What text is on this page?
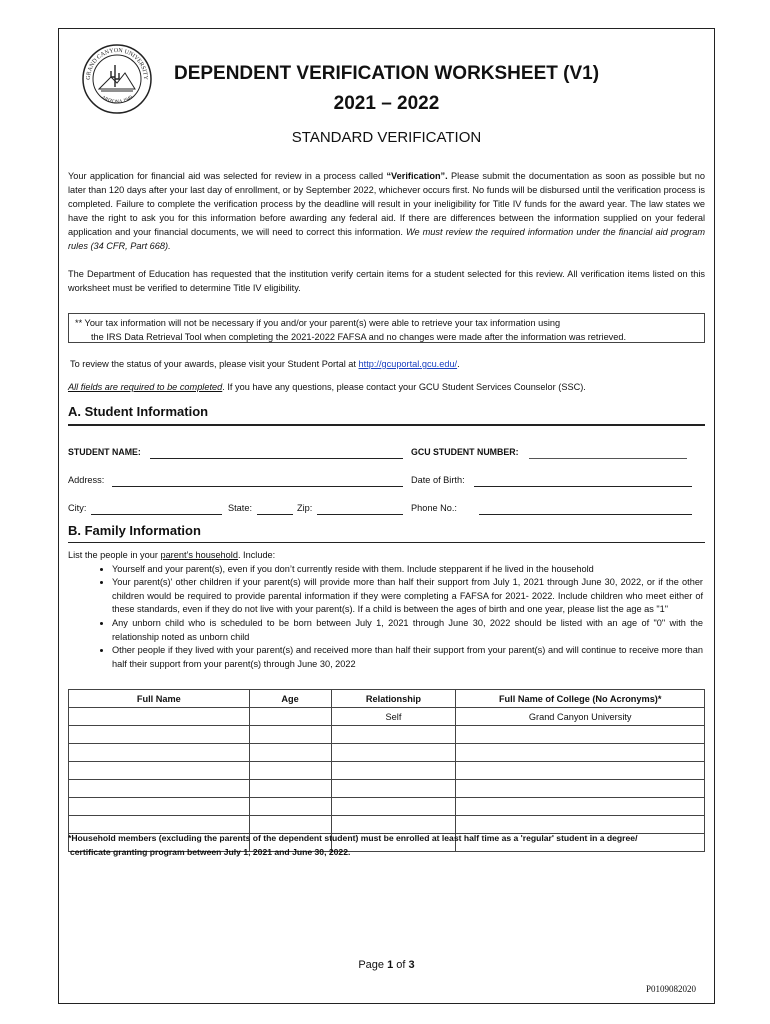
GRAND CANYON UNIVERSITY
ARIZONA 1949
DEPENDENT VERIFICATION WORKSHEET (V1)
2021 – 2022
STANDARD VERIFICATION
Your application for financial aid was selected for review in a process called “Verification”. Please submit the documentation as soon as possible but no later than 120 days after your last day of enrollment, or by September 2022, whichever occurs first. No funds will be disbursed until the verification process is completed. Failure to complete the verification process by the deadline will result in your ineligibility for Title IV funds for the award year. The law states we have the right to ask you for this information before awarding any federal aid. If there are differences between the information supplied on your federal application and your financial documents, we will need to correct this information. We must review the required information under the financial aid program rules (34 CFR, Part 668).
The Department of Education has requested that the institution verify certain items for a student selected for this review. All verification items listed on this worksheet must be verified to determine Title IV eligibility.
** Your tax information will not be necessary if you and/or your parent(s) were able to retrieve your tax information using
the IRS Data Retrieval Tool when completing the 2021-2022 FAFSA and no changes were made after the information was retrieved.
To review the status of your awards, please visit your Student Portal at http://gcuportal.gcu.edu/.
All fields are required to be completed. If you have any questions, please contact your GCU Student Services Counselor (SSC).
A. Student Information
STUDENT NAME:	GCU STUDENT NUMBER:
Address:	Date of Birth:
City:	State:	Zip:	Phone No.:
B. Family Information
List the people in your parent’s household. Include:
• Yourself and your parent(s), even if you don’t currently reside with them. Include stepparent if he lived in the household
• Your parent(s)' other children if your parent(s) will provide more than half their support from July 1, 2021 through June 30, 2022, or if the other children would be required to provide parental information if they were completing a FAFSA for 2021- 2022. Include children who meet either of these standards, even if they do not live with your parent(s). If a child is between the ages of birth and one year, please list the age as "1"
• Any unborn child who is scheduled to be born between July 1, 2021 through June 30, 2022 should be listed with an age of "0" with the relationship noted as unborn child
• Other people if they lived with your parent(s) and received more than half their support from your parent(s) and will continue to receive more than half their support from your parent(s) through June 30, 2022
Full Name	Age	Relationship	Full Name of College (No Acronyms)*
		Self	Grand Canyon University

*Household members (excluding the parents of the dependent student) must be enrolled at least half time as a 'regular' student in a degree/
certificate granting program between July 1, 2021 and June 30, 2022.
Page 1 of 3
P0109082020
